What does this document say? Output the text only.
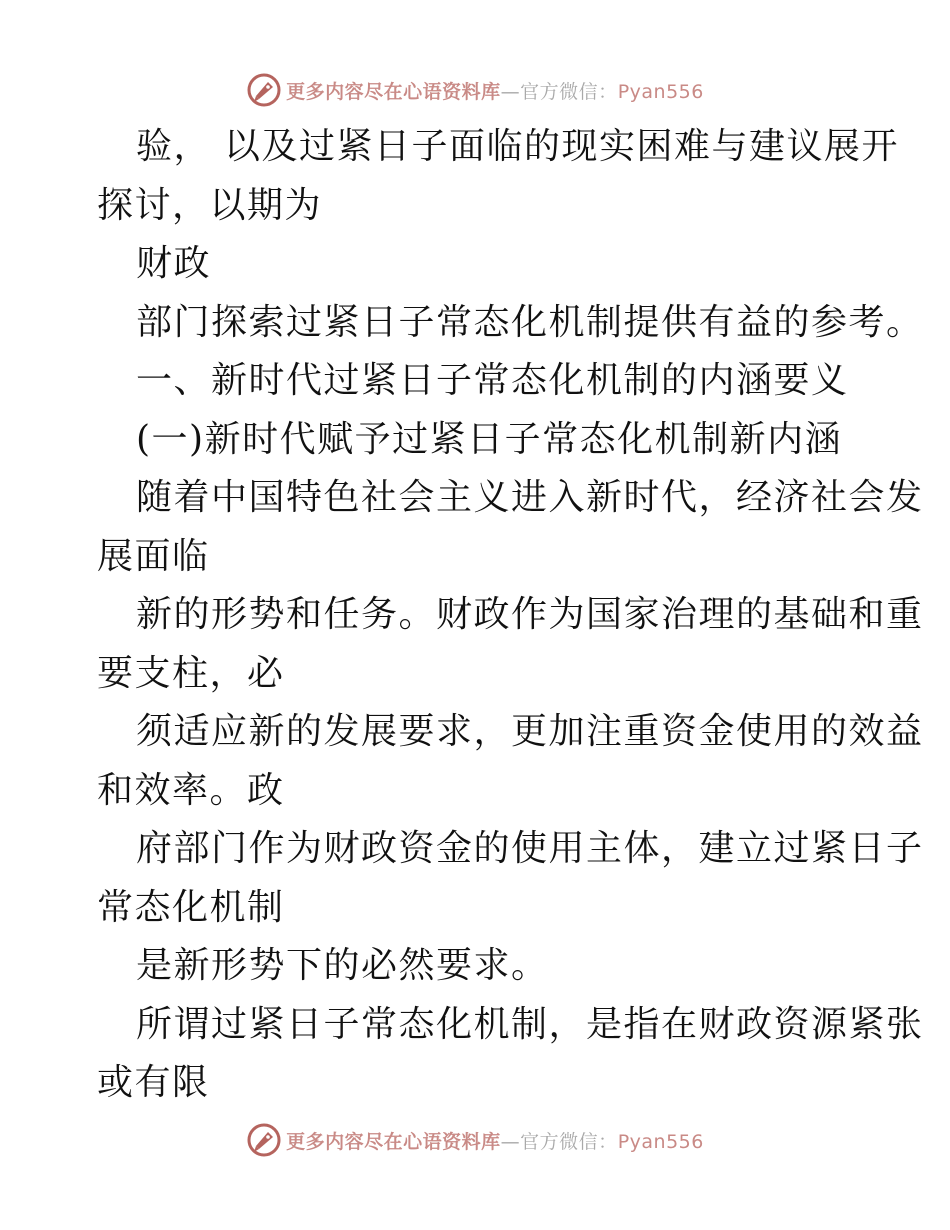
更多内容尽在心语资料库—官方微信：Pyan556
验， 以及过紧日子面临的现实困难与建议展开
探讨，以期为
财政
部门探索过紧日子常态化机制提供有益的参考。
一、新时代过紧日子常态化机制的内涵要义
(一)新时代赋予过紧日子常态化机制新内涵
随着中国特色社会主义进入新时代，经济社会发
展面临
新的形势和任务。财政作为国家治理的基础和重
要支柱，必
须适应新的发展要求，更加注重资金使用的效益
和效率。政
府部门作为财政资金的使用主体，建立过紧日子
常态化机制
是新形势下的必然要求。
所谓过紧日子常态化机制，是指在财政资源紧张
或有限
更多内容尽在心语资料库—官方微信：Pyan556
